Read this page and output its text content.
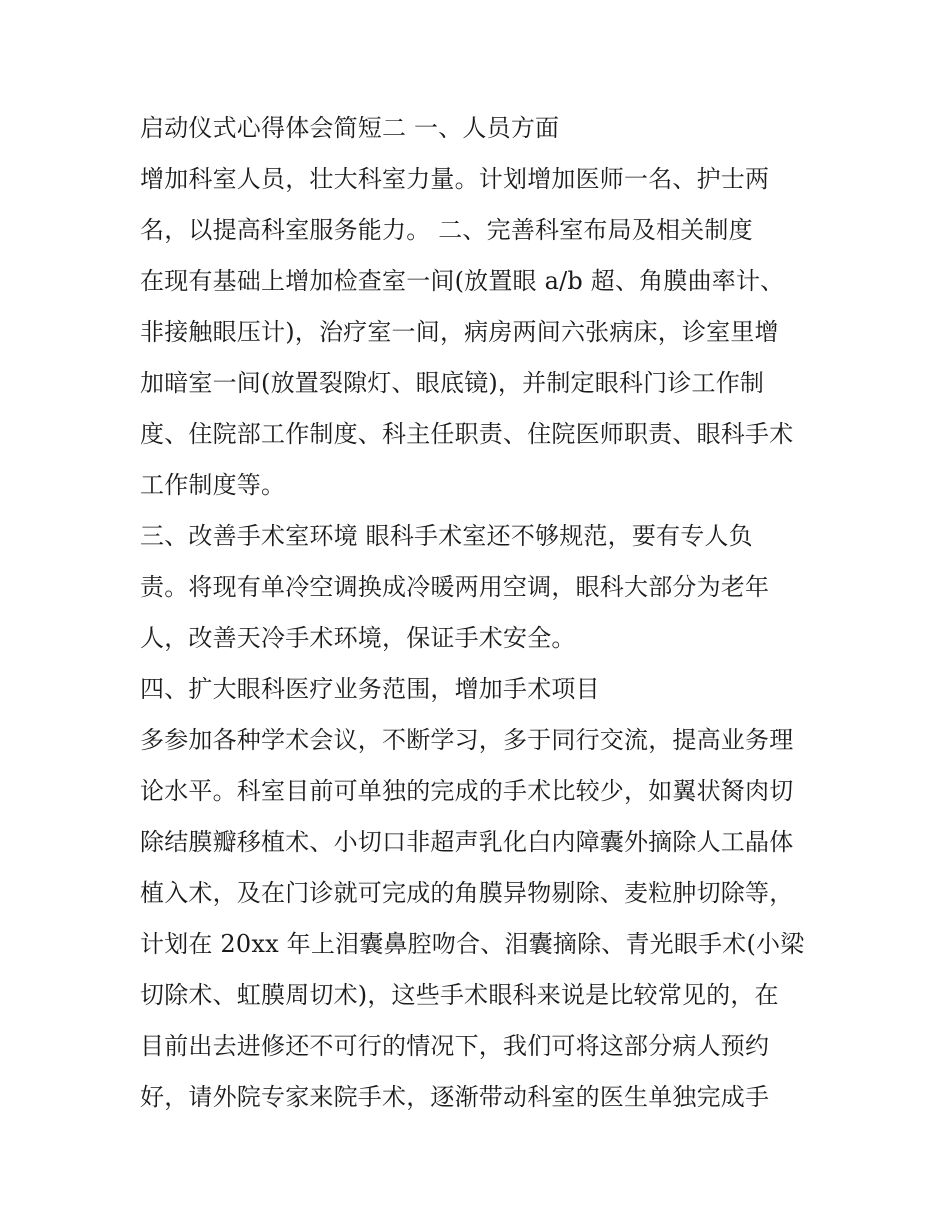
启动仪式心得体会简短二 一、人员方面
增加科室人员，壮大科室力量。计划增加医师一名、护士两
名，以提高科室服务能力。 二、完善科室布局及相关制度
在现有基础上增加检查室一间(放置眼 a/b 超、角膜曲率计、
非接触眼压计)，治疗室一间，病房两间六张病床，诊室里增
加暗室一间(放置裂隙灯、眼底镜)，并制定眼科门诊工作制
度、住院部工作制度、科主任职责、住院医师职责、眼科手术
工作制度等。
三、改善手术室环境 眼科手术室还不够规范，要有专人负
责。将现有单冷空调换成冷暖两用空调，眼科大部分为老年
人，改善天冷手术环境，保证手术安全。
四、扩大眼科医疗业务范围，增加手术项目
多参加各种学术会议，不断学习，多于同行交流，提高业务理
论水平。科室目前可单独的完成的手术比较少，如翼状胬肉切
除结膜瓣移植术、小切口非超声乳化白内障囊外摘除人工晶体
植入术，及在门诊就可完成的角膜异物剔除、麦粒肿切除等，
计划在 20xx 年上泪囊鼻腔吻合、泪囊摘除、青光眼手术(小梁
切除术、虹膜周切术)，这些手术眼科来说是比较常见的，在
目前出去进修还不可行的情况下，我们可将这部分病人预约
好，请外院专家来院手术，逐渐带动科室的医生单独完成手
